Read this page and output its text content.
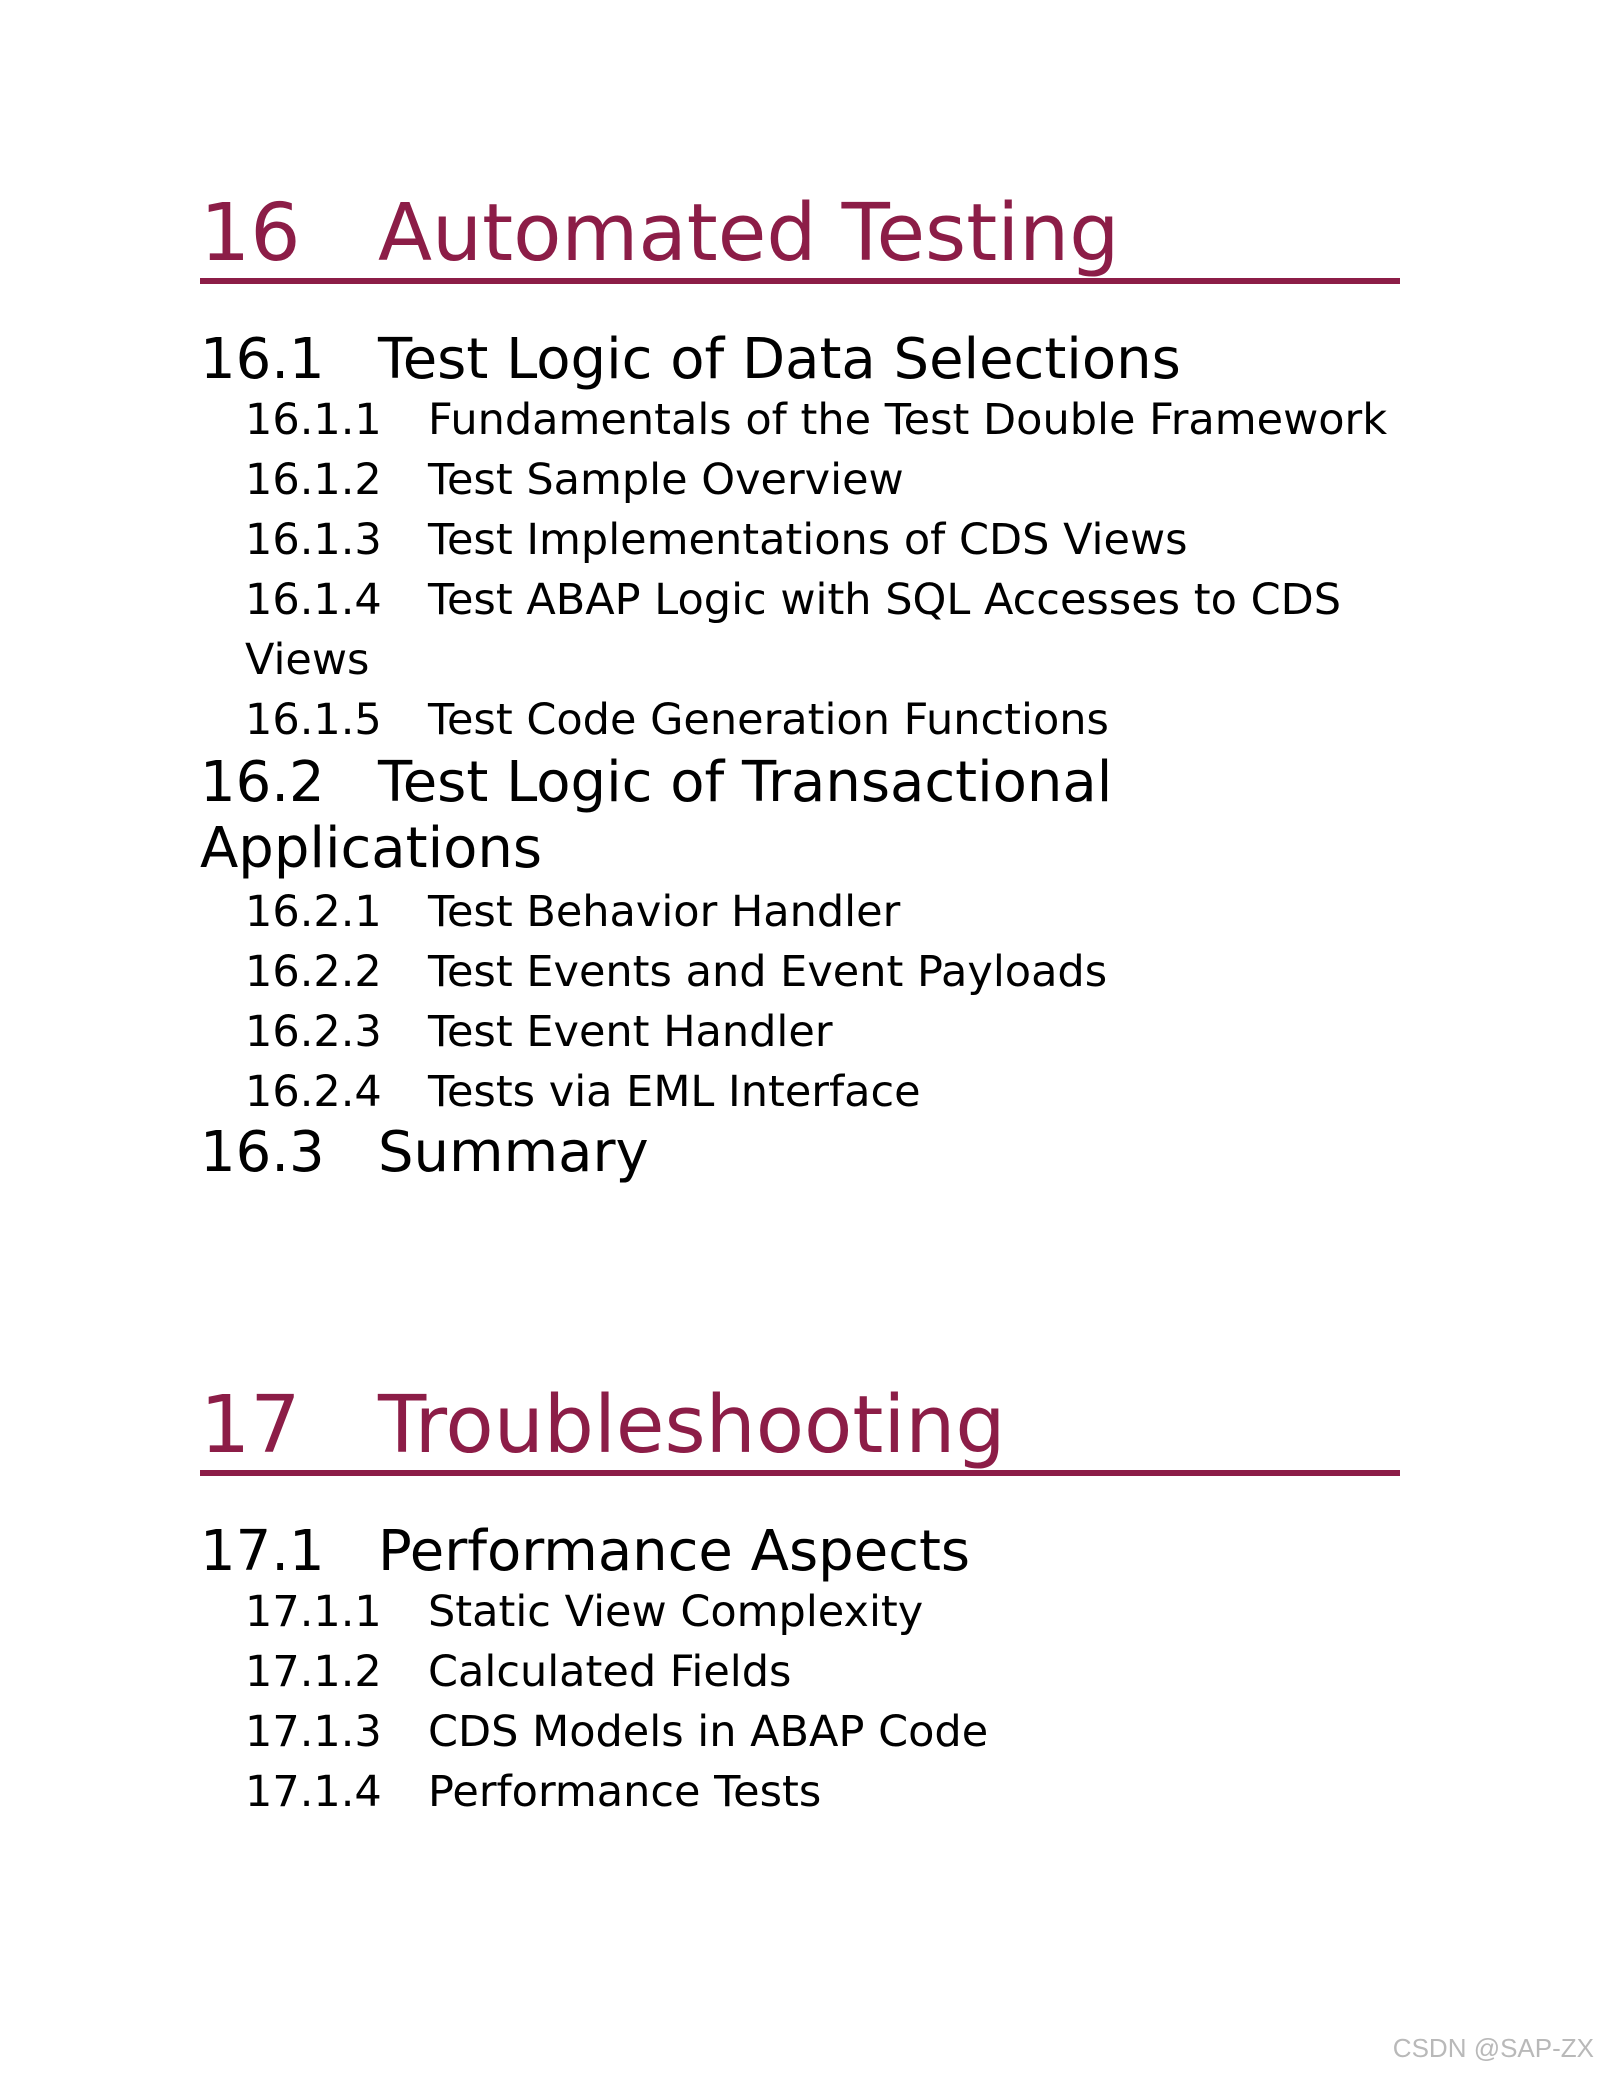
16 Automated Testing
16.1 Test Logic of Data Selections

16.1.1 Fundamentals of the Test Double Framework

16.1.2 Test Sample Overview

16.1.3 Test Implementations of CDS Views

16.1.4 Test ABAP Logic with SQL Accesses to CDS Views

16.1.5 Test Code Generation Functions

16.2 Test Logic of Transactional Applications

16.2.1 Test Behavior Handler

16.2.2 Test Events and Event Payloads

16.2.3 Test Event Handler

16.2.4 Tests via EML Interface

16.3 Summary
17 Troubleshooting
17.1 Performance Aspects

17.1.1 Static View Complexity

17.1.2 Calculated Fields

17.1.3 CDS Models in ABAP Code

17.1.4 Performance Tests

CSDN @SAP-ZX
